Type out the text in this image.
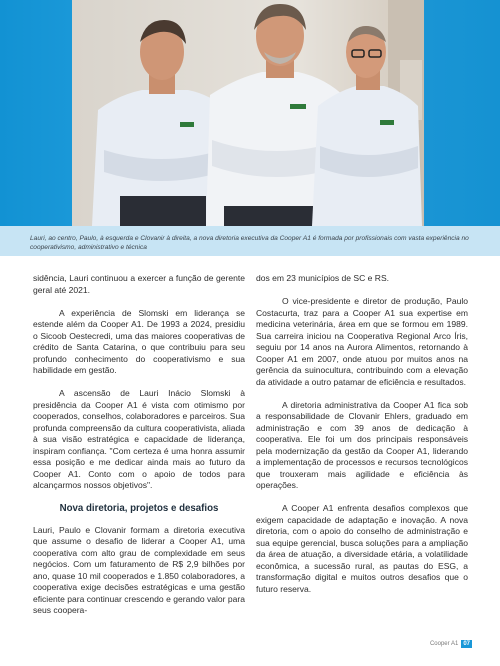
Lauri, ao centro, Paulo, à esquerda e Clovanir à direita, a nova diretoria executiva da Cooper A1 é formada por profissionais com vasta experiência no cooperativismo, administrativo e técnica

sidência, Lauri continuou a exercer a função de gerente geral até 2021.

A experiência de Slomski em liderança se estende além da Cooper A1. De 1993 a 2024, presidiu o Sicoob Oestecredi, uma das maiores cooperativas de crédito de Santa Catarina, o que contribuiu para seu profundo conhecimento do cooperativismo e sua habilidade em gestão.

A ascensão de Lauri Inácio Slomski à presidência da Cooper A1 é vista com otimismo por cooperados, conselhos, colaboradores e parceiros. Sua profunda compreensão da cultura cooperativista, aliada à sua visão estratégica e capacidade de liderança, inspiram confiança. "Com certeza é uma honra assumir essa posição e me dedicar ainda mais ao futuro da Cooper A1. Conto com o apoio de todos para alcançarmos nossos objetivos".

Nova diretoria, projetos e desafios

Lauri, Paulo e Clovanir formam a diretoria executiva que assume o desafio de liderar a Cooper A1, uma cooperativa com alto grau de complexidade em seus negócios. Com um faturamento de R$ 2,9 bilhões por ano, quase 10 mil cooperados e 1.850 colaboradores, a cooperativa exige decisões estratégicas e uma gestão eficiente para continuar crescendo e gerando valor para seus coopera-

dos em 23 municípios de SC e RS.

O vice-presidente e diretor de produção, Paulo Costacurta, traz para a Cooper A1 sua expertise em medicina veterinária, área em que se formou em 1989. Sua carreira iniciou na Cooperativa Regional Arco Íris, seguiu por 14 anos na Aurora Alimentos, retornando à Cooper A1 em 2007, onde atuou por muitos anos na gerência da suinocultura, contribuindo com a elevação da atividade a outro patamar de eficiência e resultados.

A diretoria administrativa da Cooper A1 fica sob a responsabilidade de Clovanir Ehlers, graduado em administração e com 39 anos de dedicação à cooperativa. Ele foi um dos principais responsáveis pela modernização da gestão da Cooper A1, liderando a implementação de processos e recursos tecnológicos que trouxeram mais agilidade e eficiência às operações.

A Cooper A1 enfrenta desafios complexos que exigem capacidade de adaptação e inovação. A nova diretoria, com o apoio do conselho de administração e sua equipe gerencial, busca soluções para a ampliação da área de atuação, a diversidade etária, a volatilidade econômica, a sucessão rural, as pautas do ESG, a transformação digital e muitos outros desafios que o futuro reserva.

Cooper A1 07
